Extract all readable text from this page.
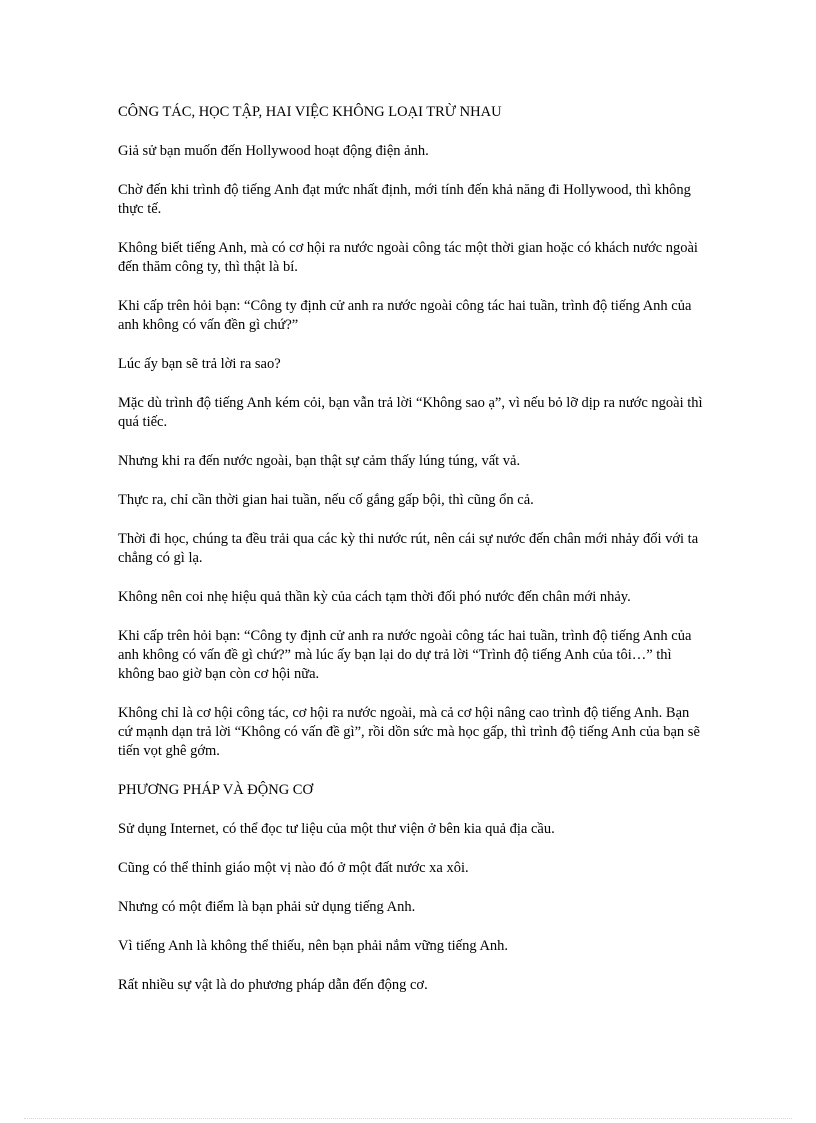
CÔNG TÁC, HỌC TẬP, HAI VIỆC KHÔNG LOẠI TRỪ NHAU

Giả sử bạn muốn đến Hollywood hoạt động điện ảnh.

Chờ đến khi trình độ tiếng Anh đạt mức nhất định, mới tính đến khả năng đi Hollywood, thì không thực tế.

Không biết tiếng Anh, mà có cơ hội ra nước ngoài công tác một thời gian hoặc có khách nước ngoài đến thăm công ty, thì thật là bí.

Khi cấp trên hỏi bạn: “Công ty định cử anh ra nước ngoài công tác hai tuần, trình độ tiếng Anh của anh không có vấn đền gì chứ?”

Lúc ấy bạn sẽ trả lời ra sao?

Mặc dù trình độ tiếng Anh kém cỏi, bạn vẫn trả lời “Không sao ạ”, vì nếu bỏ lỡ dịp ra nước ngoài thì quá tiếc.

Nhưng khi ra đến nước ngoài, bạn thật sự cảm thấy lúng túng, vất vả.

Thực ra, chỉ cần thời gian hai tuần, nếu cố gắng gấp bội, thì cũng ổn cả.

Thời đi học, chúng ta đều trải qua các kỳ thi nước rút, nên cái sự nước đến chân mới nhảy đối với ta chẳng có gì lạ.

Không nên coi nhẹ hiệu quả thần kỳ của cách tạm thời đối phó nước đến chân mới nhảy.

Khi cấp trên hỏi bạn: “Công ty định cử anh ra nước ngoài công tác hai tuần, trình độ tiếng Anh của anh không có vấn đề gì chứ?” mà lúc ấy bạn lại do dự trả lời “Trình độ tiếng Anh của tôi…” thì không bao giờ bạn còn cơ hội nữa.

Không chỉ là cơ hội công tác, cơ hội ra nước ngoài, mà cả cơ hội nâng cao trình độ tiếng Anh. Bạn cứ mạnh dạn trả lời “Không có vấn đề gì”, rồi dồn sức mà học gấp, thì trình độ tiếng Anh của bạn sẽ tiến vọt ghê gớm.

PHƯƠNG PHÁP VÀ ĐỘNG CƠ

Sử dụng Internet, có thể đọc tư liệu của một thư viện ở bên kia quả địa cầu.

Cũng có thể thỉnh giáo một vị nào đó ở một đất nước xa xôi.

Nhưng có một điểm là bạn phải sử dụng tiếng Anh.

Vì tiếng Anh là không thể thiếu, nên bạn phải nắm vững tiếng Anh.

Rất nhiều sự vật là do phương pháp dẫn đến động cơ.
